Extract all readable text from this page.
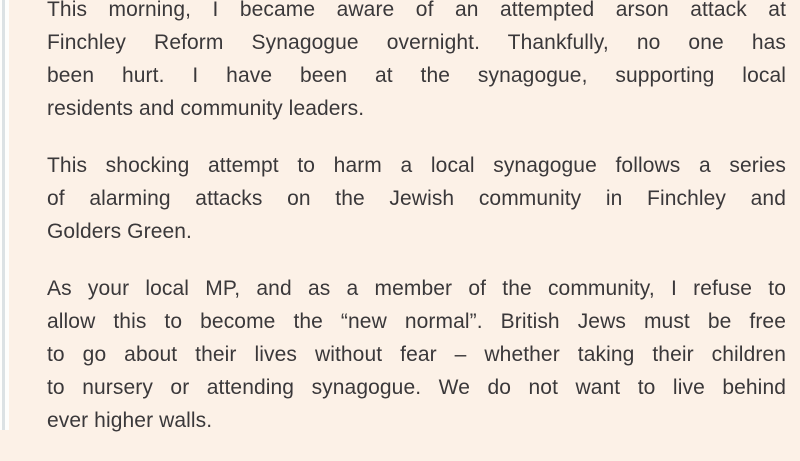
This morning, I became aware of an attempted arson attack at
Finchley Reform Synagogue overnight. Thankfully, no one has
been hurt. I have been at the synagogue, supporting local
residents and community leaders.

This shocking attempt to harm a local synagogue follows a series
of alarming attacks on the Jewish community in Finchley and
Golders Green.

As your local MP, and as a member of the community, I refuse to
allow this to become the “new normal”. British Jews must be free
to go about their lives without fear – whether taking their children
to nursery or attending synagogue. We do not want to live behind
ever higher walls.
